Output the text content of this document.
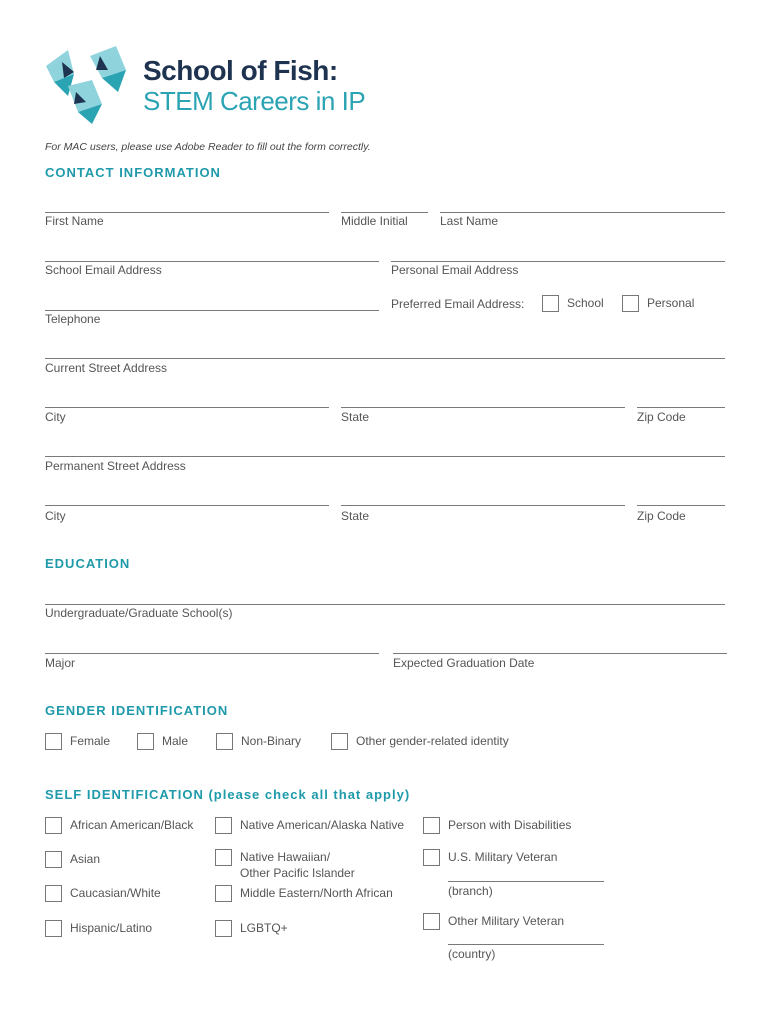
School of Fish:
STEM Careers in IP
For MAC users, please use Adobe Reader to fill out the form correctly.
CONTACT INFORMATION
First Name	Middle Initial	Last Name
School Email Address	Personal Email Address
Telephone
Preferred Email Address:	School	Personal
Current Street Address
City	State	Zip Code
Permanent Street Address
City	State	Zip Code
EDUCATION
Undergraduate/Graduate School(s)
Major	Expected Graduation Date
GENDER IDENTIFICATION
Female	Male	Non-Binary	Other gender-related identity
SELF IDENTIFICATION (please check all that apply)
African American/Black
Asian
Caucasian/White
Hispanic/Latino
Native American/Alaska Native
Native Hawaiian/
Other Pacific Islander
Middle Eastern/North African
LGBTQ+
Person with Disabilities
U.S. Military Veteran
(branch)
Other Military Veteran
(country)
